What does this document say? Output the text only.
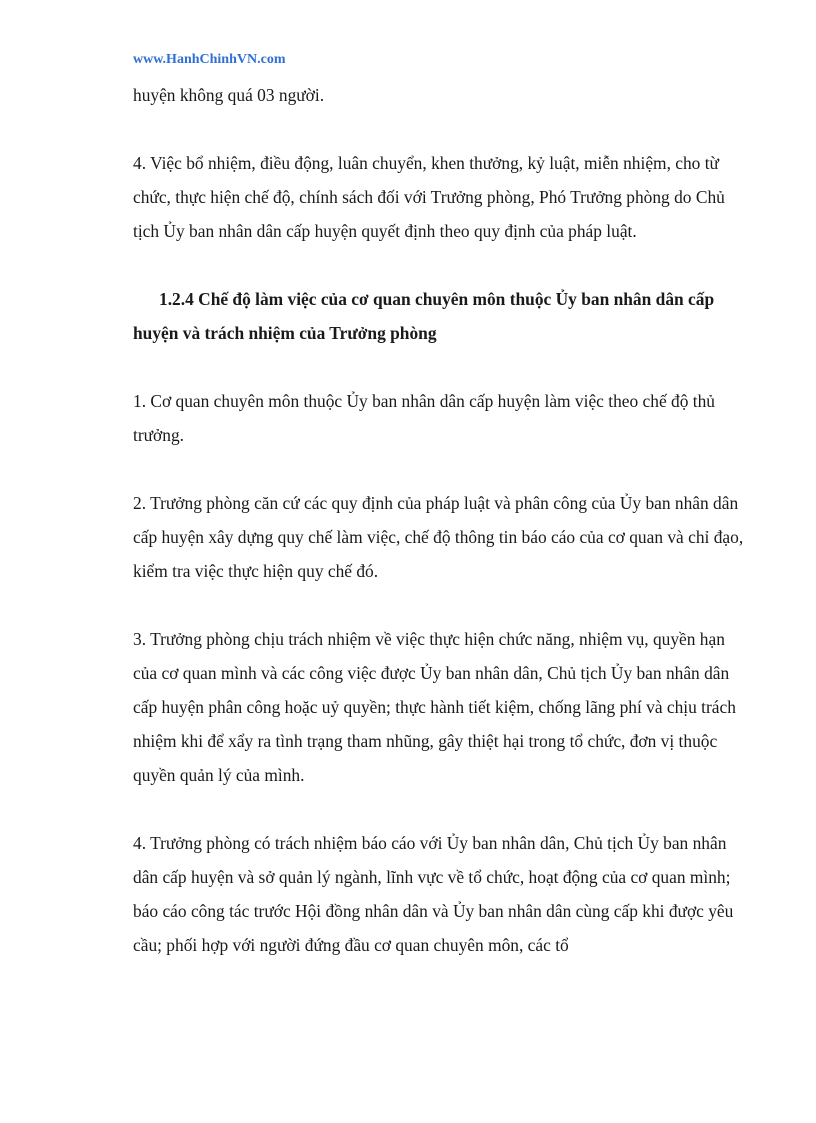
www.HanhChinhVN.com

huyện không quá 03 người.

4. Việc bổ nhiệm, điều động, luân chuyển, khen thưởng, kỷ luật, miễn nhiệm, cho từ chức, thực hiện chế độ, chính sách đối với Trưởng phòng, Phó Trưởng phòng do Chủ tịch Ủy ban nhân dân cấp huyện quyết định theo quy định của pháp luật.

1.2.4 Chế độ làm việc của cơ quan chuyên môn thuộc Ủy ban nhân dân cấp huyện và trách nhiệm của Trưởng phòng

1. Cơ quan chuyên môn thuộc Ủy ban nhân dân cấp huyện làm việc theo chế độ thủ trưởng.

2. Trưởng phòng căn cứ các quy định của pháp luật và phân công của Ủy ban nhân dân cấp huyện xây dựng quy chế làm việc, chế độ thông tin báo cáo của cơ quan và chỉ đạo, kiểm tra việc thực hiện quy chế đó.

3. Trưởng phòng chịu trách nhiệm về việc thực hiện chức năng, nhiệm vụ, quyền hạn của cơ quan mình và các công việc được Ủy ban nhân dân, Chủ tịch Ủy ban nhân dân cấp huyện phân công hoặc uỷ quyền; thực hành tiết kiệm, chống lãng phí và chịu trách nhiệm khi để xẩy ra tình trạng tham nhũng, gây thiệt hại trong tổ chức, đơn vị thuộc quyền quản lý của mình.

4. Trưởng phòng có trách nhiệm báo cáo với Ủy ban nhân dân, Chủ tịch Ủy ban nhân dân cấp huyện và sở quản lý ngành, lĩnh vực về tổ chức, hoạt động của cơ quan mình; báo cáo công tác trước Hội đồng nhân dân và Ủy ban nhân dân cùng cấp khi được yêu cầu; phối hợp với người đứng đầu cơ quan chuyên môn, các tổ
